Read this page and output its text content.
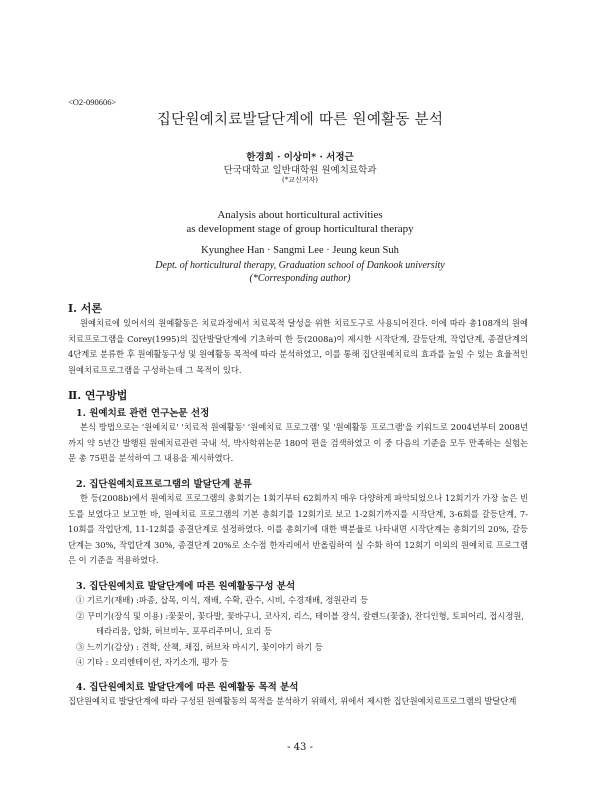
<O2-090606>
집단원예치료발달단계에 따른 원예활동 분석
한경희 · 이상미* · 서정근
단국대학교 일반대학원 원예치료학과
(*교신저자)
Analysis about horticultural activities
as development stage of group horticultural therapy
Kyunghee Han · Sangmi Lee · Jeung keun Suh
Dept. of horticultural therapy, Graduation school of Dankook university
(*Corresponding author)
Ⅰ. 서론

원예치료에 있어서의 원예활동은 치료과정에서 치료목적 달성을 위한 치료도구로 사용되어진다. 이에 따라 총108개의 원예치료프로그램을 Corey(1995)의 집단발달단계에 기초하여 한 등(2008a)이 제시한 시작단계, 갈등단계, 작업단계, 종결단계의 4단계로 분류한 후 원예활동구성 및 원예활동 목적에 따라 분석하였고, 이를 통해 집단원예치료의 효과를 높일 수 있는 효율적인 원예치료프로그램을 구성하는데 그 목적이 있다.

Ⅱ. 연구방법
1. 원예치료 관련 연구논문 선정

본식 방법으로는 '원예치료' '치료적 원예활동' '원예치료 프로그램' 및 '원예활동 프로그램'을 키워드로 2004년부터 2008년까지 약 5년간 발행된 원예치료관련 국내 석, 박사학위논문 180여 편을 검색하였고 이 중 다음의 기준을 모두 만족하는 실험논문 총 75편을 분석하여 그 내용을 제시하였다.

2. 집단원예치료프로그램의 발달단계 분류

한 등(2008b)에서 원예치료 프로그램의 총회기는 1회기부터 62회까지 매우 다양하게 파악되었으나 12회기가 가장 높은 빈도를 보였다고 보고한 바, 원예치료 프로그램의 기본 총회기를 12회기로 보고 1-2회기까지를 시작단계, 3-6회를 갈등단계, 7-10회를 작업단계, 11-12회를 종결단계로 설정하였다. 이를 총회기에 대한 백분율로 나타내면 시작단계는 총회기의 20%, 갈등단계는 30%, 작업단계 30%, 종결단계 20%로 소수점 한자리에서 반올림하여 실 수화 하여 12회기 이외의 원예치료 프로그램은 이 기준을 적용하였다.

3. 집단원예치료 발달단계에 따른 원예활동구성 분석
① 기르기(재배) :파종, 삽목, 이식, 재배, 수확, 관수, 시비, 수경재배, 정원관리 등
② 꾸미기(장식 및 이용) :꽃꽂이, 꽃다발, 꽃바구니, 코사지, 리스, 테이블 장식, 칼렌드(꽃줄), 잔디인형, 토피어리, 접시정원,
테라리움, 압화, 허브비누, 포푸리주머니, 요리 등
③ 느끼기(감상) : 견학, 산책, 채집, 허브차 마시기, 꽃이야기 하기 등
④ 기타 : 오리엔테이션, 자기소개, 평가 등
4. 집단원예치료 발달단계에 따른 원예활동 목적 분석

집단원예치료 발달단계에 따라 구성된 원예활동의 목적을 분석하기 위해서, 위에서 제시한 집단원예치료프로그램의 발달단계

- 43 -
